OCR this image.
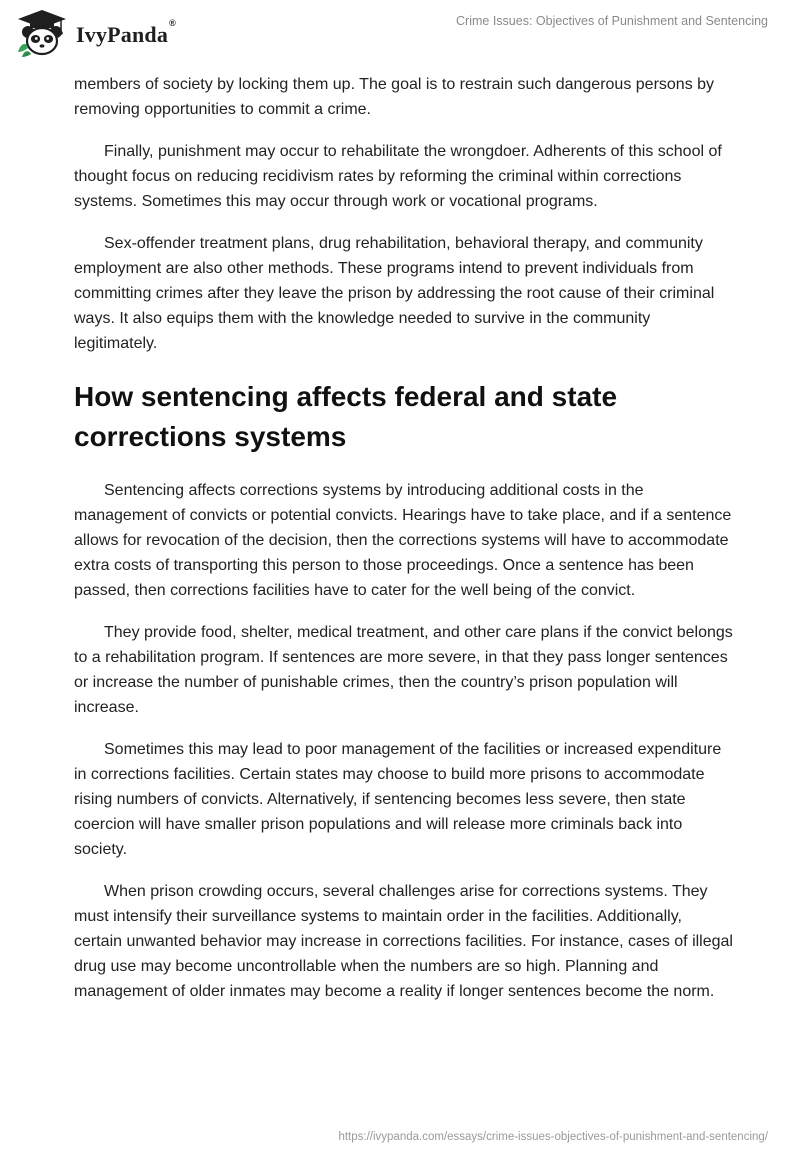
IvyPanda®	Crime Issues: Objectives of Punishment and Sentencing

members of society by locking them up. The goal is to restrain such dangerous persons by removing opportunities to commit a crime.

Finally, punishment may occur to rehabilitate the wrongdoer. Adherents of this school of thought focus on reducing recidivism rates by reforming the criminal within corrections systems. Sometimes this may occur through work or vocational programs.

Sex-offender treatment plans, drug rehabilitation, behavioral therapy, and community employment are also other methods. These programs intend to prevent individuals from committing crimes after they leave the prison by addressing the root cause of their criminal ways. It also equips them with the knowledge needed to survive in the community legitimately.

How sentencing affects federal and state corrections systems

Sentencing affects corrections systems by introducing additional costs in the management of convicts or potential convicts. Hearings have to take place, and if a sentence allows for revocation of the decision, then the corrections systems will have to accommodate extra costs of transporting this person to those proceedings. Once a sentence has been passed, then corrections facilities have to cater for the well being of the convict.

They provide food, shelter, medical treatment, and other care plans if the convict belongs to a rehabilitation program. If sentences are more severe, in that they pass longer sentences or increase the number of punishable crimes, then the country’s prison population will increase.

Sometimes this may lead to poor management of the facilities or increased expenditure in corrections facilities. Certain states may choose to build more prisons to accommodate rising numbers of convicts. Alternatively, if sentencing becomes less severe, then state coercion will have smaller prison populations and will release more criminals back into society.

When prison crowding occurs, several challenges arise for corrections systems. They must intensify their surveillance systems to maintain order in the facilities. Additionally, certain unwanted behavior may increase in corrections facilities. For instance, cases of illegal drug use may become uncontrollable when the numbers are so high. Planning and management of older inmates may become a reality if longer sentences become the norm.

https://ivypanda.com/essays/crime-issues-objectives-of-punishment-and-sentencing/
